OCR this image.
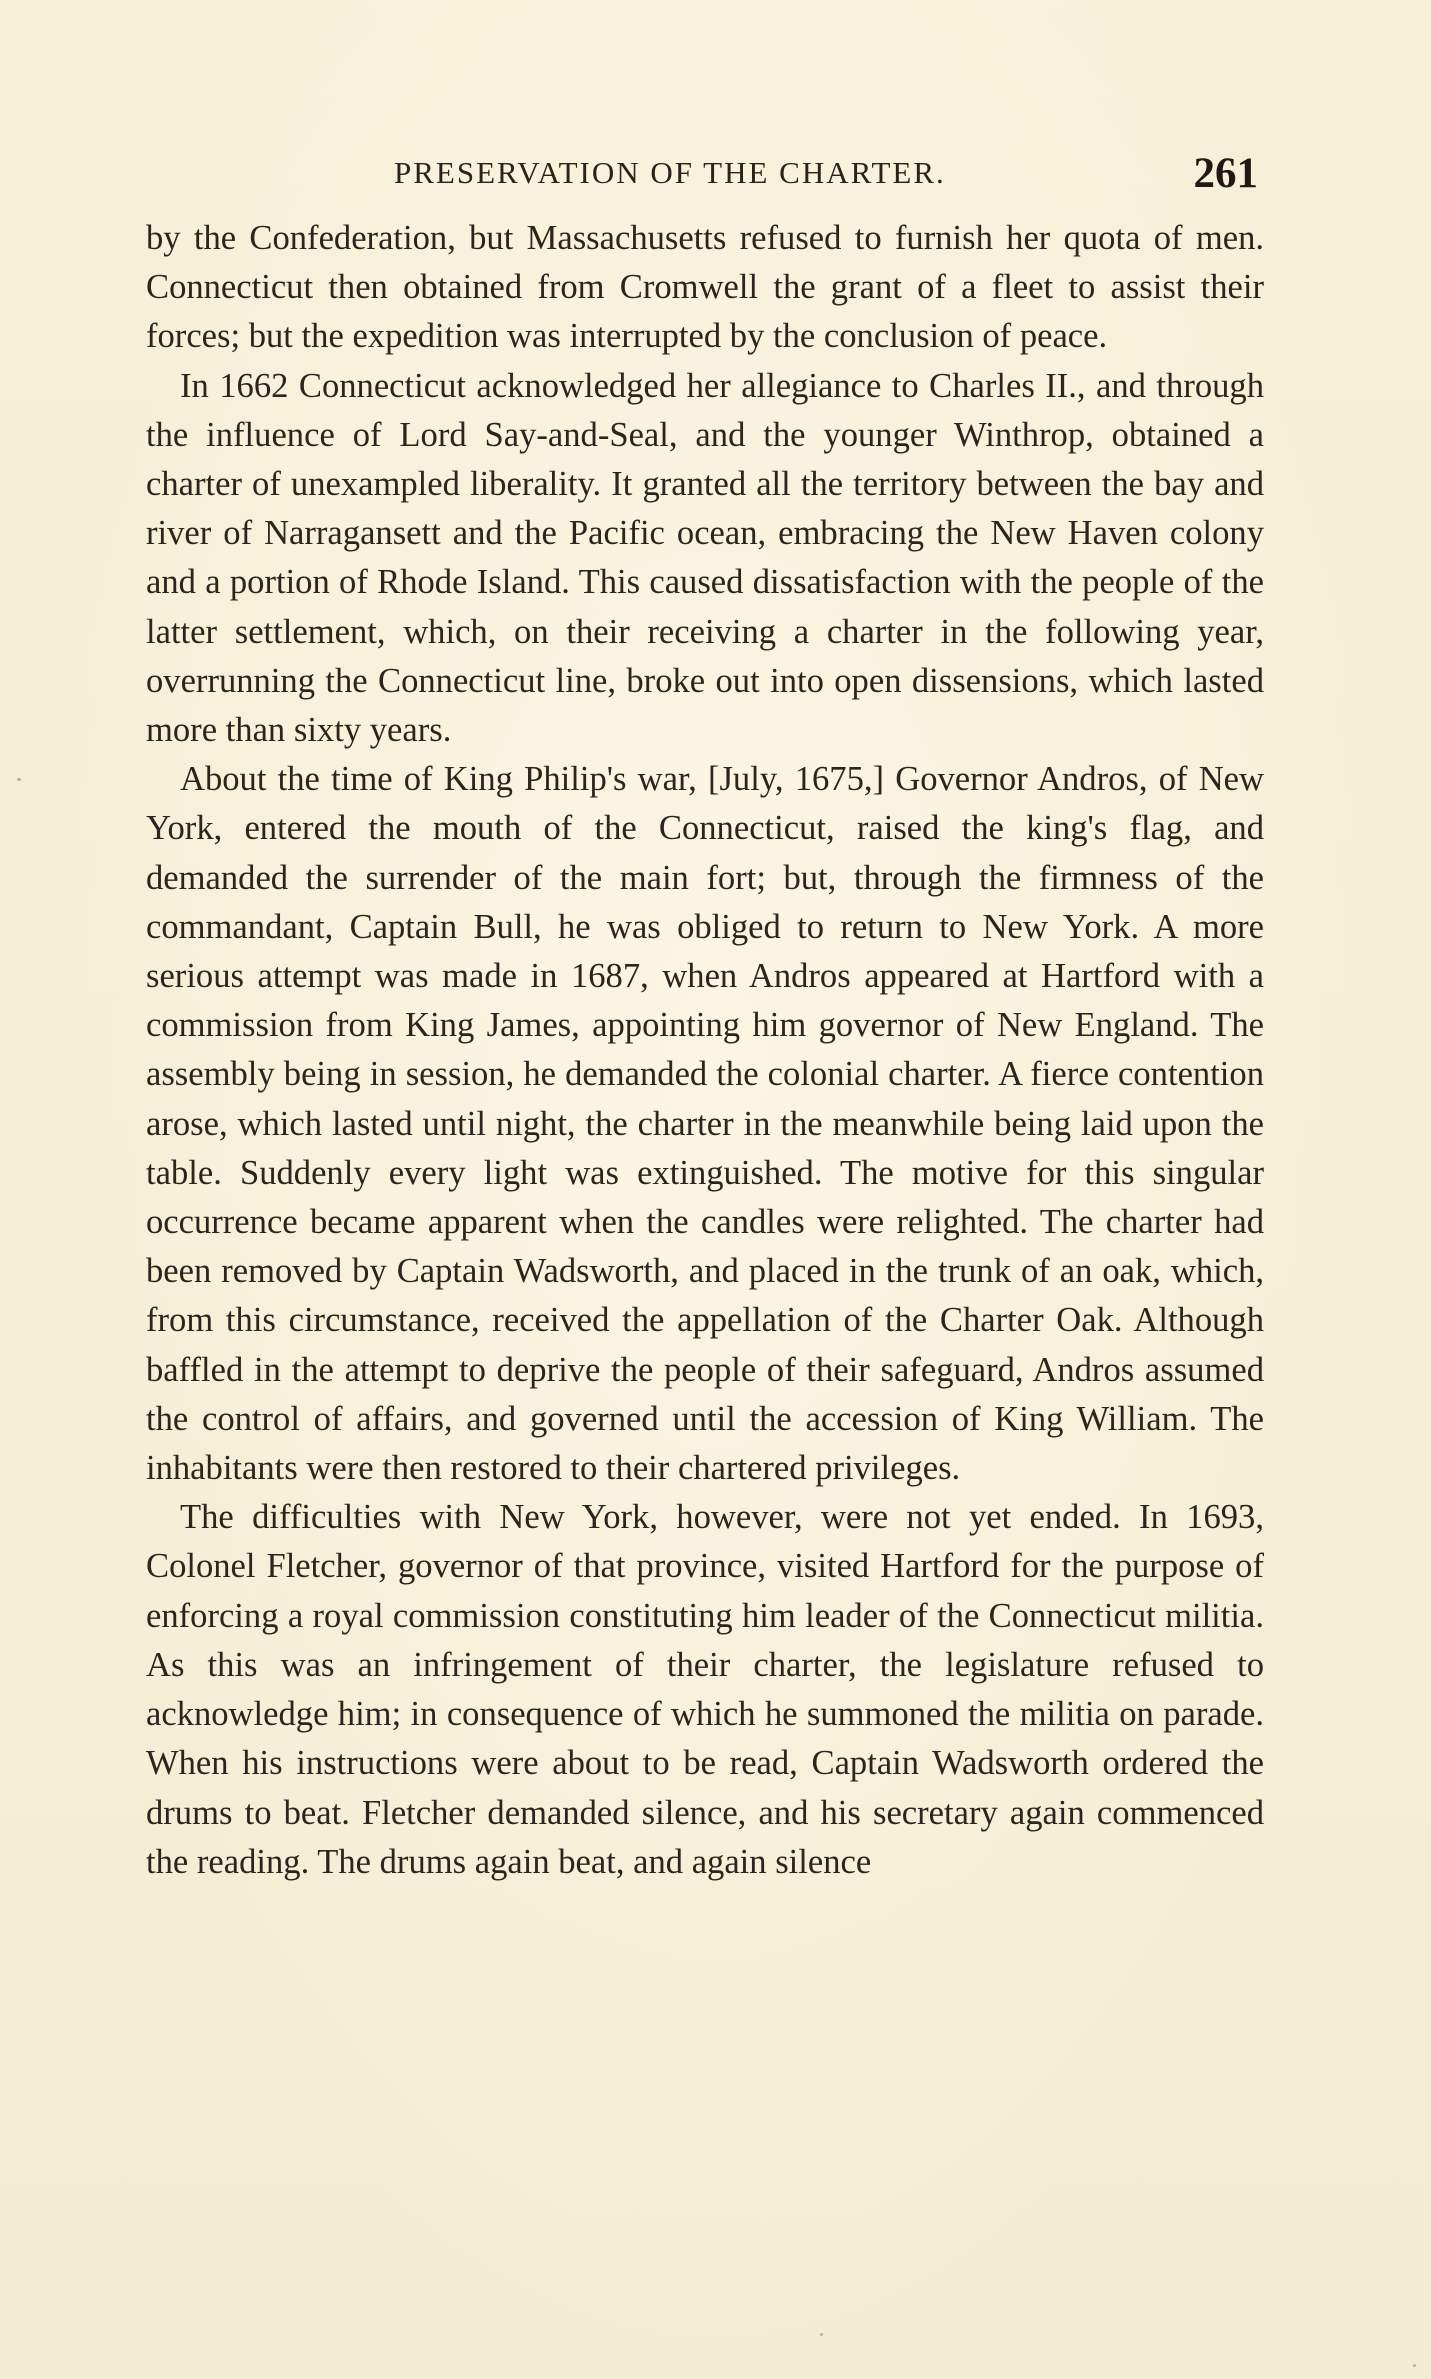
PRESERVATION OF THE CHARTER.	261

by the Confederation, but Massachusetts refused to furnish her quota of men. Connecticut then obtained from Cromwell the grant of a fleet to assist their forces; but the expedition was interrupted by the conclusion of peace.

In 1662 Connecticut acknowledged her allegiance to Charles II., and through the influence of Lord Say-and-Seal, and the younger Winthrop, obtained a charter of unexampled liberality. It granted all the territory between the bay and river of Narragansett and the Pacific ocean, embracing the New Haven colony and a portion of Rhode Island. This caused dissatisfaction with the people of the latter settlement, which, on their receiving a charter in the following year, overrunning the Connecticut line, broke out into open dissensions, which lasted more than sixty years.

About the time of King Philip's war, [July, 1675,] Governor Andros, of New York, entered the mouth of the Connecticut, raised the king's flag, and demanded the surrender of the main fort; but, through the firmness of the commandant, Captain Bull, he was obliged to return to New York. A more serious attempt was made in 1687, when Andros appeared at Hartford with a commission from King James, appointing him governor of New England. The assembly being in session, he demanded the colonial charter. A fierce contention arose, which lasted until night, the charter in the meanwhile being laid upon the table. Suddenly every light was extinguished. The motive for this singular occurrence became apparent when the candles were relighted. The charter had been removed by Captain Wadsworth, and placed in the trunk of an oak, which, from this circumstance, received the appellation of the Charter Oak. Although baffled in the attempt to deprive the people of their safeguard, Andros assumed the control of affairs, and governed until the accession of King William. The inhabitants were then restored to their chartered privileges.

The difficulties with New York, however, were not yet ended. In 1693, Colonel Fletcher, governor of that province, visited Hartford for the purpose of enforcing a royal commission constituting him leader of the Connecticut militia. As this was an infringement of their charter, the legislature refused to acknowledge him; in consequence of which he summoned the militia on parade. When his instructions were about to be read, Captain Wadsworth ordered the drums to beat. Fletcher demanded silence, and his secretary again commenced the reading. The drums again beat, and again silence
